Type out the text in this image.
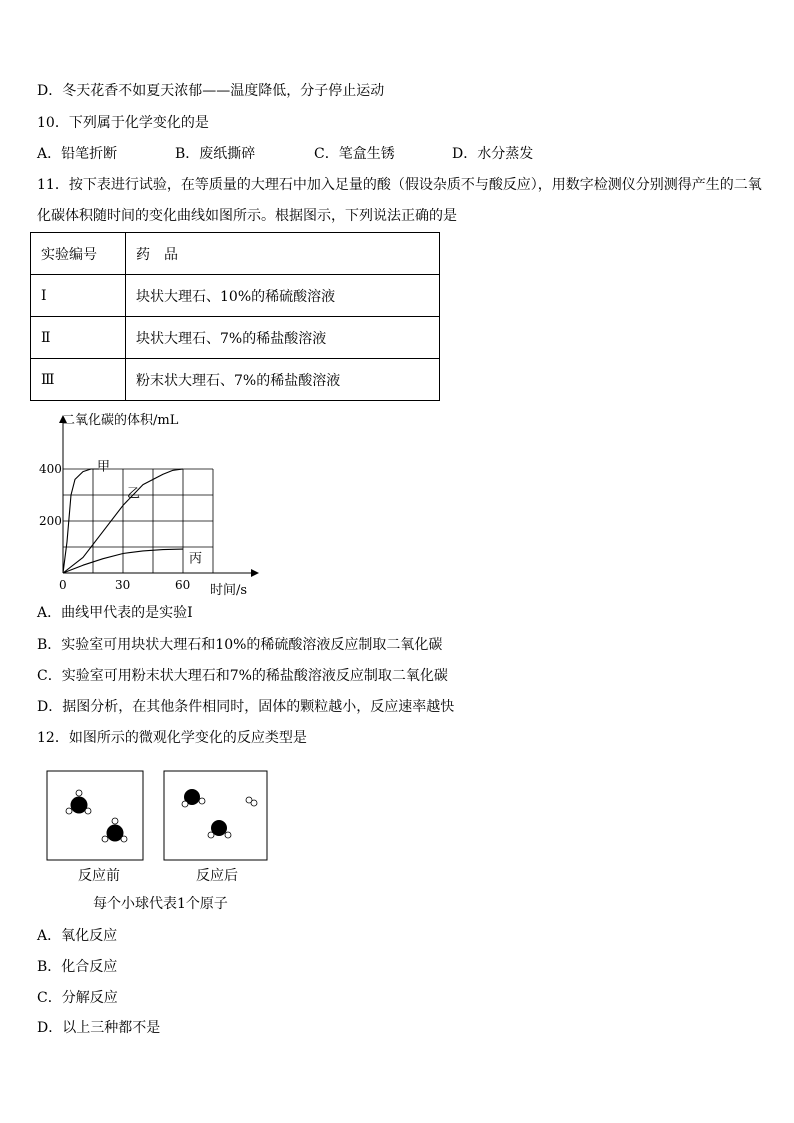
D．冬天花香不如夏天浓郁——温度降低，分子停止运动
10．下列属于化学变化的是
A．铅笔折断	B．废纸撕碎	C．笔盒生锈	D．水分蒸发
11．按下表进行试验，在等质量的大理石中加入足量的酸（假设杂质不与酸反应），用数字检测仪分别测得产生的二氧
化碳体积随时间的变化曲线如图所示。根据图示，下列说法正确的是
实验编号	药　品
Ⅰ	块状大理石、10%的稀硫酸溶液
Ⅱ	块状大理石、7%的稀盐酸溶液
Ⅲ	粉末状大理石、7%的稀盐酸溶液
二氧化碳的体积/mL
甲
乙
丙
0	30	60
200
400
时间/s
A．曲线甲代表的是实验Ⅰ
B．实验室可用块状大理石和10%的稀硫酸溶液反应制取二氧化碳
C．实验室可用粉末状大理石和7%的稀盐酸溶液反应制取二氧化碳
D．据图分析，在其他条件相同时，固体的颗粒越小，反应速率越快
12．如图所示的微观化学变化的反应类型是
反应前	反应后
每个小球代表1个原子
A．氧化反应
B．化合反应
C．分解反应
D．以上三种都不是
